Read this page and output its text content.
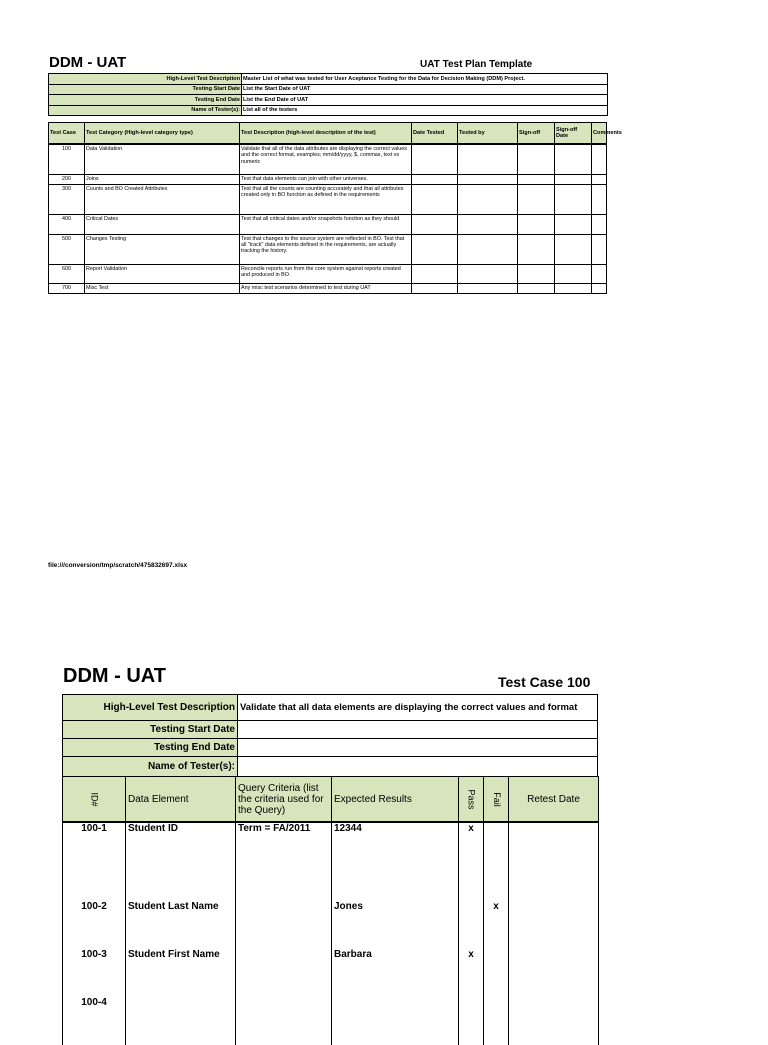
DDM - UAT	UAT Test Plan Template
High-Level Test Description	Master List of what was tested for User Aceptance Testing for the Data for Decision Making (DDM) Project.
Testing Start Date	List the Start Date of UAT
Testing End Date	List the End Date of UAT
Name of Tester(s):	List all of the testers
Test Case	Test Category (High-level category type)	Test Description (high-level description of the test)	Date Tested	Tested by	Sign-off	Sign-off Date	Comments
100	Data Validation	Validate that all of the data attributes are displaying the correct values and the correct format, examples; mm/dd/yyyy, $, commas, text vs numeric					
200	Joins	Test that data elements can join with other universes.					
300	Counts and BO Created Attributes	Test that all the counts are counting accurately and that all attributes created only in BO function as defined in the requirements					
400	Critical Dates	Test that all critical dates and/or snapshots function as they should					
500	Changes Testing	Test that changes to the source system are reflected in BO. Test that all "track" data elements defined in the requirements, are actually tracking the history.					
600	Report Validation	Reconcile reports run from the core system against reports created and produced in BO.					
700	Misc Test	Any misc test scenarios determined to test during UAT					
file:///conversion/tmp/scratch/475832697.xlsx
DDM - UAT	Test Case 100
High-Level Test Description	Validate that all data elements are displaying the correct values and format
Testing Start Date	
Testing End Date	
Name of Tester(s):	
ID#	Data Element	Query Criteria (list the criteria used for the Query)	Expected Results	Pass	Fail	Retest Date
100-1	Student ID	Term = FA/2011	12344	x		
100-2	Student Last Name		Jones		x	
100-3	Student First Name		Barbara	x		
100-4						
